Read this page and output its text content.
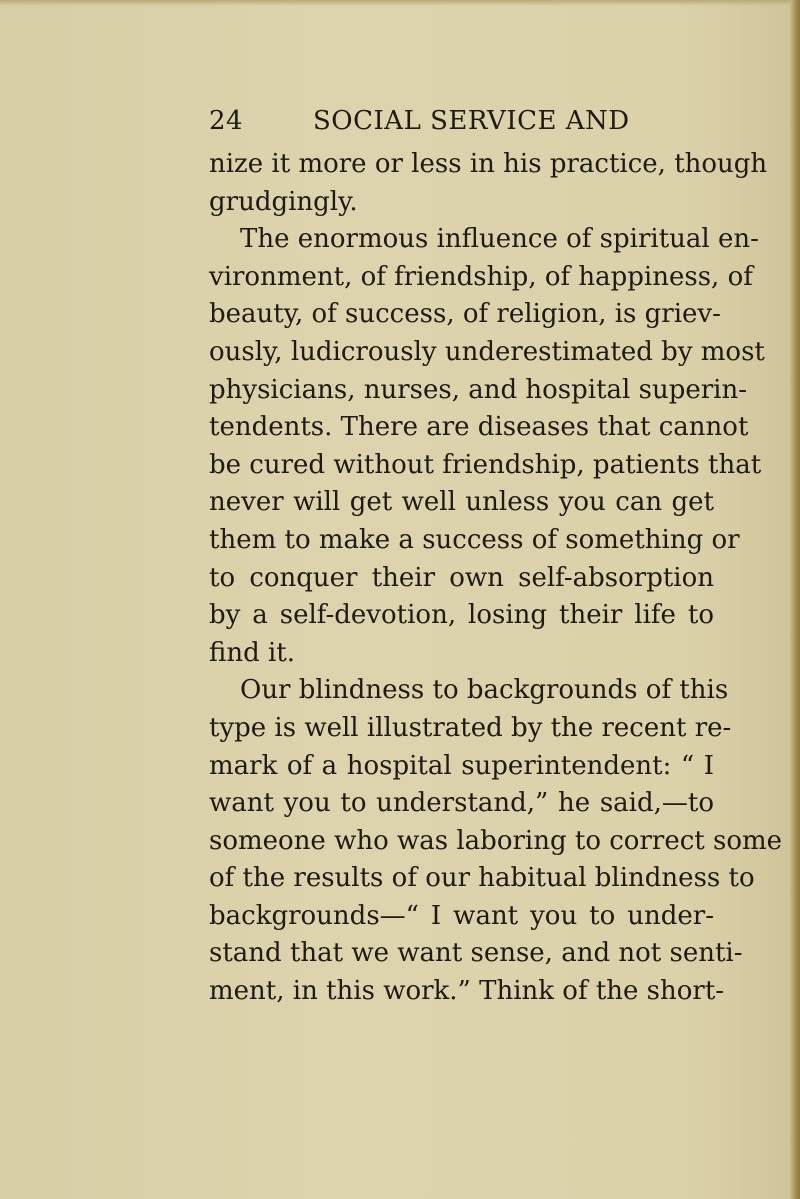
24	SOCIAL SERVICE AND
nize it more or less in his practice, though
grudgingly.
The enormous influence of spiritual en-
vironment, of friendship, of happiness, of
beauty, of success, of religion, is griev-
ously, ludicrously underestimated by most
physicians, nurses, and hospital superin-
tendents. There are diseases that cannot
be cured without friendship, patients that
never will get well unless you can get
them to make a success of something or
to conquer their own self-absorption
by a self-devotion, losing their life to
find it.
Our blindness to backgrounds of this
type is well illustrated by the recent re-
mark of a hospital superintendent: “ I
want you to understand,” he said,—to
someone who was laboring to correct some
of the results of our habitual blindness to
backgrounds—“ I want you to under-
stand that we want sense, and not senti-
ment, in this work.” Think of the short-
